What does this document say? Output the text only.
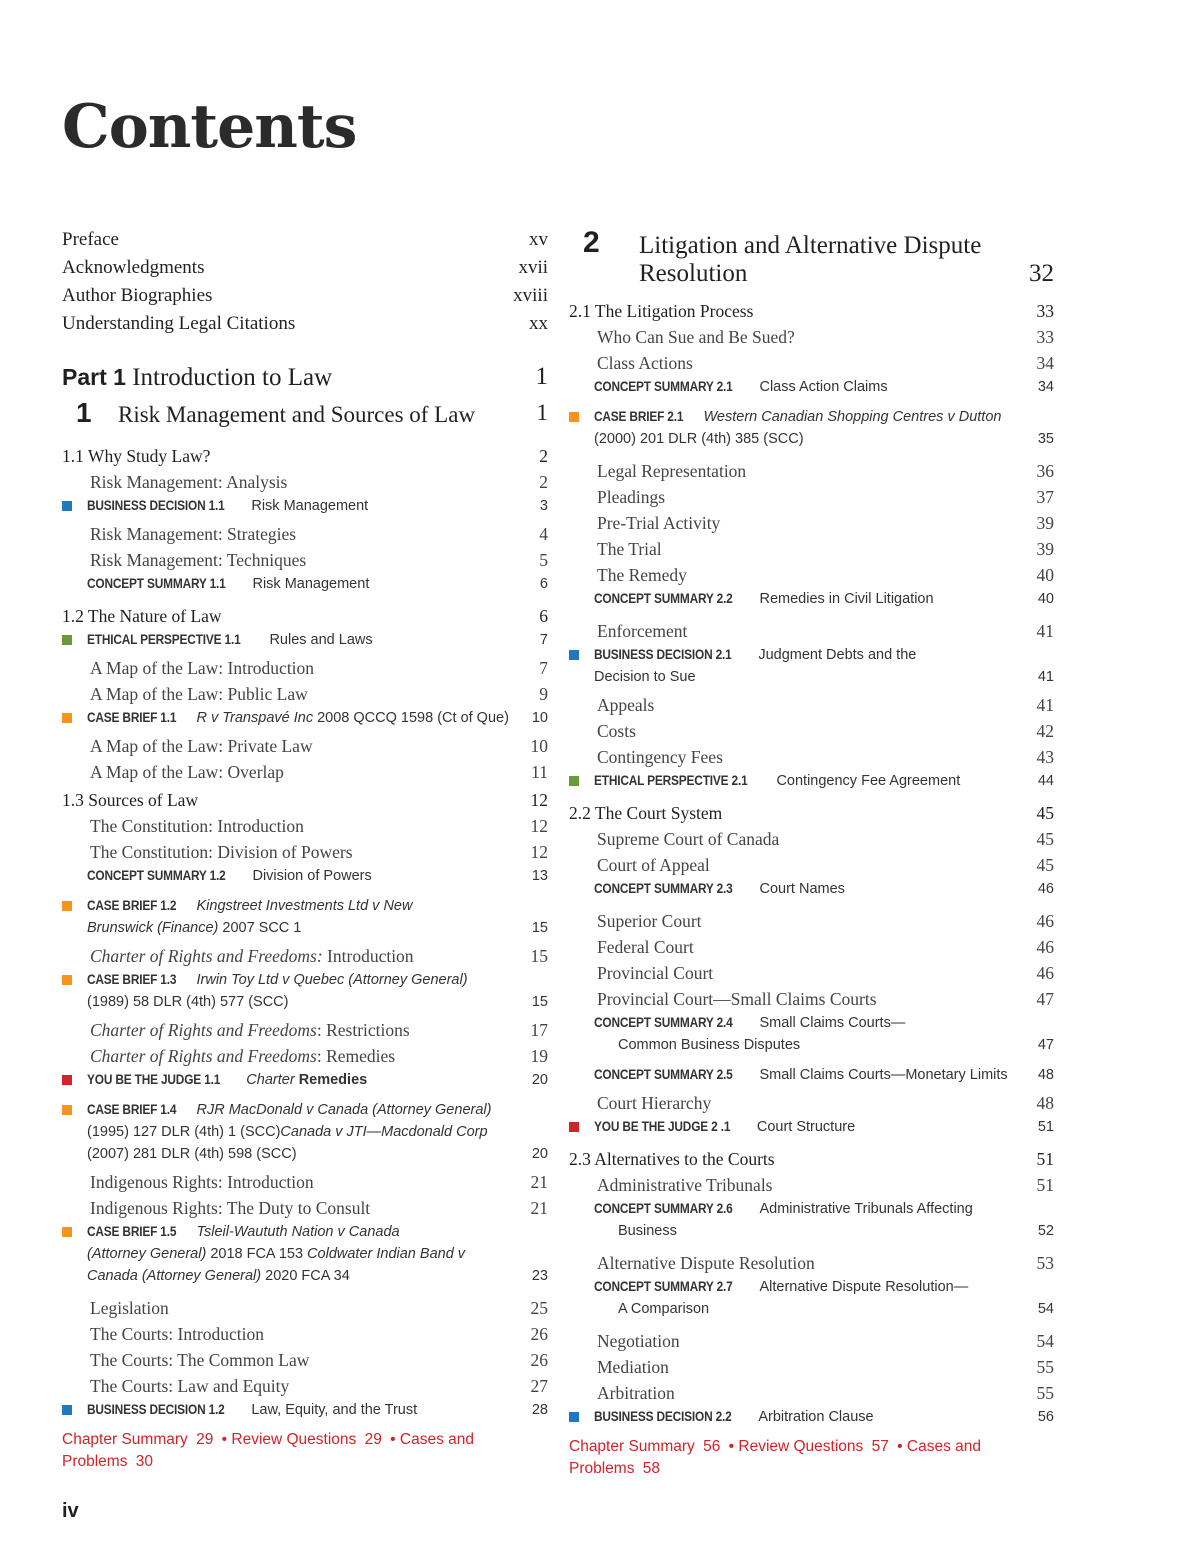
Contents
Preface	xv
Acknowledgments	xvii
Author Biographies	xviii
Understanding Legal Citations	xx
Part 1 Introduction to Law	1
1 Risk Management and Sources of Law	1
1.1 Why Study Law?	2
Risk Management: Analysis	2
BUSINESS DECISION 1.1 Risk Management	3
Risk Management: Strategies	4
Risk Management: Techniques	5
CONCEPT SUMMARY 1.1 Risk Management	6
1.2 The Nature of Law	6
ETHICAL PERSPECTIVE 1.1 Rules and Laws	7
A Map of the Law: Introduction	7
A Map of the Law: Public Law	9
CASE BRIEF 1.1 R v Transpavé Inc 2008 QCCQ 1598 (Ct of Que)	10
A Map of the Law: Private Law	10
A Map of the Law: Overlap	11
1.3 Sources of Law	12
The Constitution: Introduction	12
The Constitution: Division of Powers	12
CONCEPT SUMMARY 1.2 Division of Powers	13
CASE BRIEF 1.2 Kingstreet Investments Ltd v New
Brunswick (Finance) 2007 SCC 1	15
Charter of Rights and Freedoms: Introduction	15
CASE BRIEF 1.3 Irwin Toy Ltd v Quebec (Attorney General)
(1989) 58 DLR (4th) 577 (SCC)	15
Charter of Rights and Freedoms: Restrictions	17
Charter of Rights and Freedoms: Remedies	19
YOU BE THE JUDGE 1.1 Charter Remedies	20
CASE BRIEF 1.4 RJR MacDonald v Canada (Attorney General)
(1995) 127 DLR (4th) 1 (SCC)Canada v JTI—Macdonald Corp
(2007) 281 DLR (4th) 598 (SCC)	20
Indigenous Rights: Introduction	21
Indigenous Rights: The Duty to Consult	21
CASE BRIEF 1.5 Tsleil-Waututh Nation v Canada
(Attorney General) 2018 FCA 153 Coldwater Indian Band v
Canada (Attorney General) 2020 FCA 34	23
Legislation	25
The Courts: Introduction	26
The Courts: The Common Law	26
The Courts: Law and Equity	27
BUSINESS DECISION 1.2 Law, Equity, and the Trust	28
Chapter Summary 29 • Review Questions 29 • Cases and
Problems 30
2	Litigation and Alternative Dispute
Resolution	32
2.1 The Litigation Process	33
Who Can Sue and Be Sued?	33
Class Actions	34
CONCEPT SUMMARY 2.1 Class Action Claims	34
CASE BRIEF 2.1 Western Canadian Shopping Centres v Dutton
(2000) 201 DLR (4th) 385 (SCC)	35
Legal Representation	36
Pleadings	37
Pre-Trial Activity	39
The Trial	39
The Remedy	40
CONCEPT SUMMARY 2.2 Remedies in Civil Litigation	40
Enforcement	41
BUSINESS DECISION 2.1 Judgment Debts and the
Decision to Sue	41
Appeals	41
Costs	42
Contingency Fees	43
ETHICAL PERSPECTIVE 2.1 Contingency Fee Agreement	44
2.2 The Court System	45
Supreme Court of Canada	45
Court of Appeal	45
CONCEPT SUMMARY 2.3 Court Names	46
Superior Court	46
Federal Court	46
Provincial Court	46
Provincial Court—Small Claims Courts	47
CONCEPT SUMMARY 2.4 Small Claims Courts—
Common Business Disputes	47
CONCEPT SUMMARY 2.5 Small Claims Courts—Monetary Limits	48
Court Hierarchy	48
YOU BE THE JUDGE 2 .1 Court Structure	51
2.3 Alternatives to the Courts	51
Administrative Tribunals	51
CONCEPT SUMMARY 2.6 Administrative Tribunals Affecting
Business	52
Alternative Dispute Resolution	53
CONCEPT SUMMARY 2.7 Alternative Dispute Resolution—
A Comparison	54
Negotiation	54
Mediation	55
Arbitration	55
BUSINESS DECISION 2.2 Arbitration Clause	56
Chapter Summary 56 • Review Questions 57 • Cases and
Problems 58
iv
